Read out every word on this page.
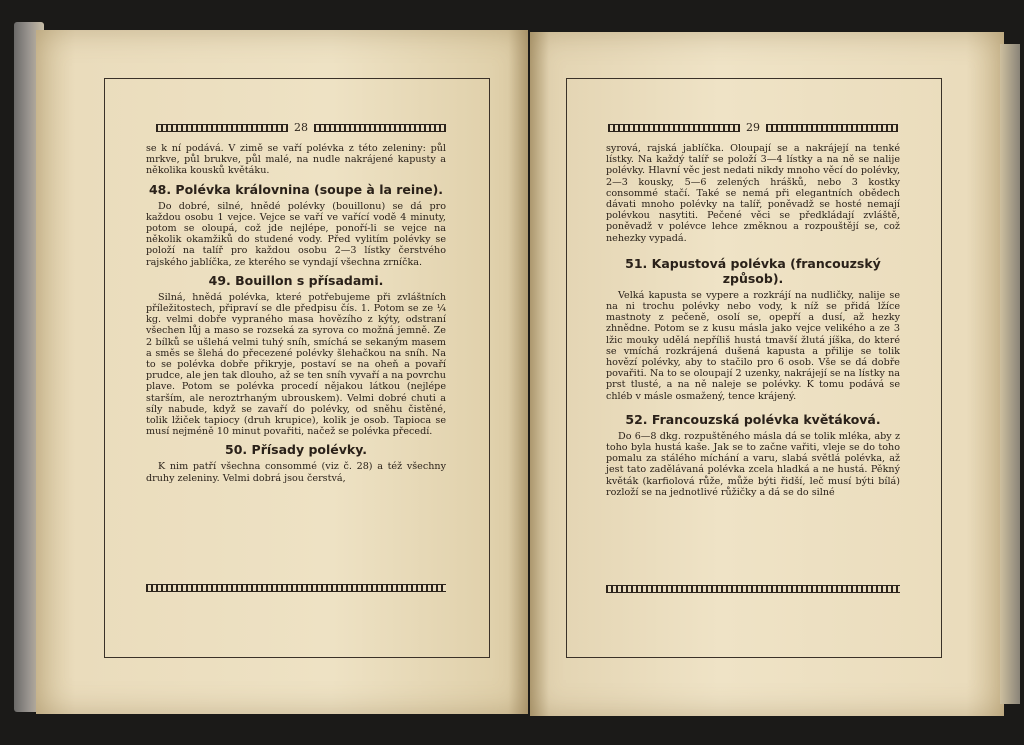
28	29

se k ní podává. V zimě se vaří polévka z této zeleniny: půl mrkve, půl brukve, půl malé, na nudle nakrájené kapusty a několika kousků květáku.

48. Polévka královnina (soupe à la reine).

Do dobré, silné, hnědé polévky (bouillonu) se dá pro každou osobu 1 vejce. Vejce se vaří ve vařící vodě 4 minuty, potom se oloupá, což jde nejlépe, ponoří-li se vejce na několik okamžiků do studené vody. Před vylitím polévky se položí na talíř pro každou osobu 2—3 lístky čerstvého rajského jablíčka, ze kterého se vyndají všechna zrníčka.

49. Bouillon s přísadami.

Silná, hnědá polévka, které potřebujeme při zvláštních příležitostech, připraví se dle předpisu čís. 1. Potom se ze ¼ kg. velmi dobře vypraného masa hovězího z kýty, odstraní všechen lůj a maso se rozseká za syrova co možná jemně. Ze 2 bílků se ušlehá velmi tuhý sníh, smíchá se sekaným masem a směs se šlehá do přecezené polévky šlehačkou na sníh. Na to se polévka dobře přikryje, postaví se na oheň a povaří prudce, ale jen tak dlouho, až se ten sníh vyvaří a na povrchu plave. Potom se polévka procedí nějakou látkou (nejlépe starším, ale neroztrhaným ubrouskem). Velmi dobré chuti a síly nabude, když se zavaří do polévky, od sněhu čistěné, tolik lžiček tapiocy (druh krupice), kolik je osob. Tapioca se musí nejméně 10 minut povařiti, načež se polévka přecedí.

50. Přísady polévky.

K nim patří všechna consommé (viz č. 28) a též všechny druhy zeleniny. Velmi dobrá jsou čerstvá,

syrová, rajská jablíčka. Oloupají se a nakrájejí na tenké lístky. Na každý talíř se položí 3—4 lístky a na ně se nalije polévky. Hlavní věc jest nedati nikdy mnoho věcí do polévky, 2—3 kousky, 5—6 zelených hrášků, nebo 3 kostky consommé stačí. Také se nemá při elegantních obědech dávati mnoho polévky na talíř, poněvadž se hosté nemají polévkou nasytiti. Pečené věci se předkládají zvláště, poněvadž v polévce lehce změknou a rozpouštějí se, což nehezky vypadá.

51. Kapustová polévka (francouzský způsob).

Velká kapusta se vypere a rozkrájí na nudličky, nalije se na ni trochu polévky nebo vody, k níž se přidá lžíce mastnoty z pečeně, osolí se, opepří a dusí, až hezky zhnědne. Potom se z kusu másla jako vejce velikého a ze 3 lžic mouky udělá nepříliš hustá tmavší žlutá jíška, do které se vmíchá rozkrájená dušená kapusta a přilije se tolik hovězí polévky, aby to stačilo pro 6 osob. Vše se dá dobře povařiti. Na to se oloupají 2 uzenky, nakrájejí se na lístky na prst tlusté, a na ně naleje se polévky. K tomu podává se chléb v másle osmažený, tence krájený.

52. Francouzská polévka květáková.

Do 6—8 dkg. rozpuštěného másla dá se tolik mléka, aby z toho byla hustá kaše. Jak se to začne vařiti, vleje se do toho pomalu za stálého míchání a varu, slabá světlá polévka, až jest tato zadělávaná polévka zcela hladká a ne hustá. Pěkný květák (karfiolová růže, může býti řidší, leč musí býti bílá) rozloží se na jednotlivé růžičky a dá se do silné
